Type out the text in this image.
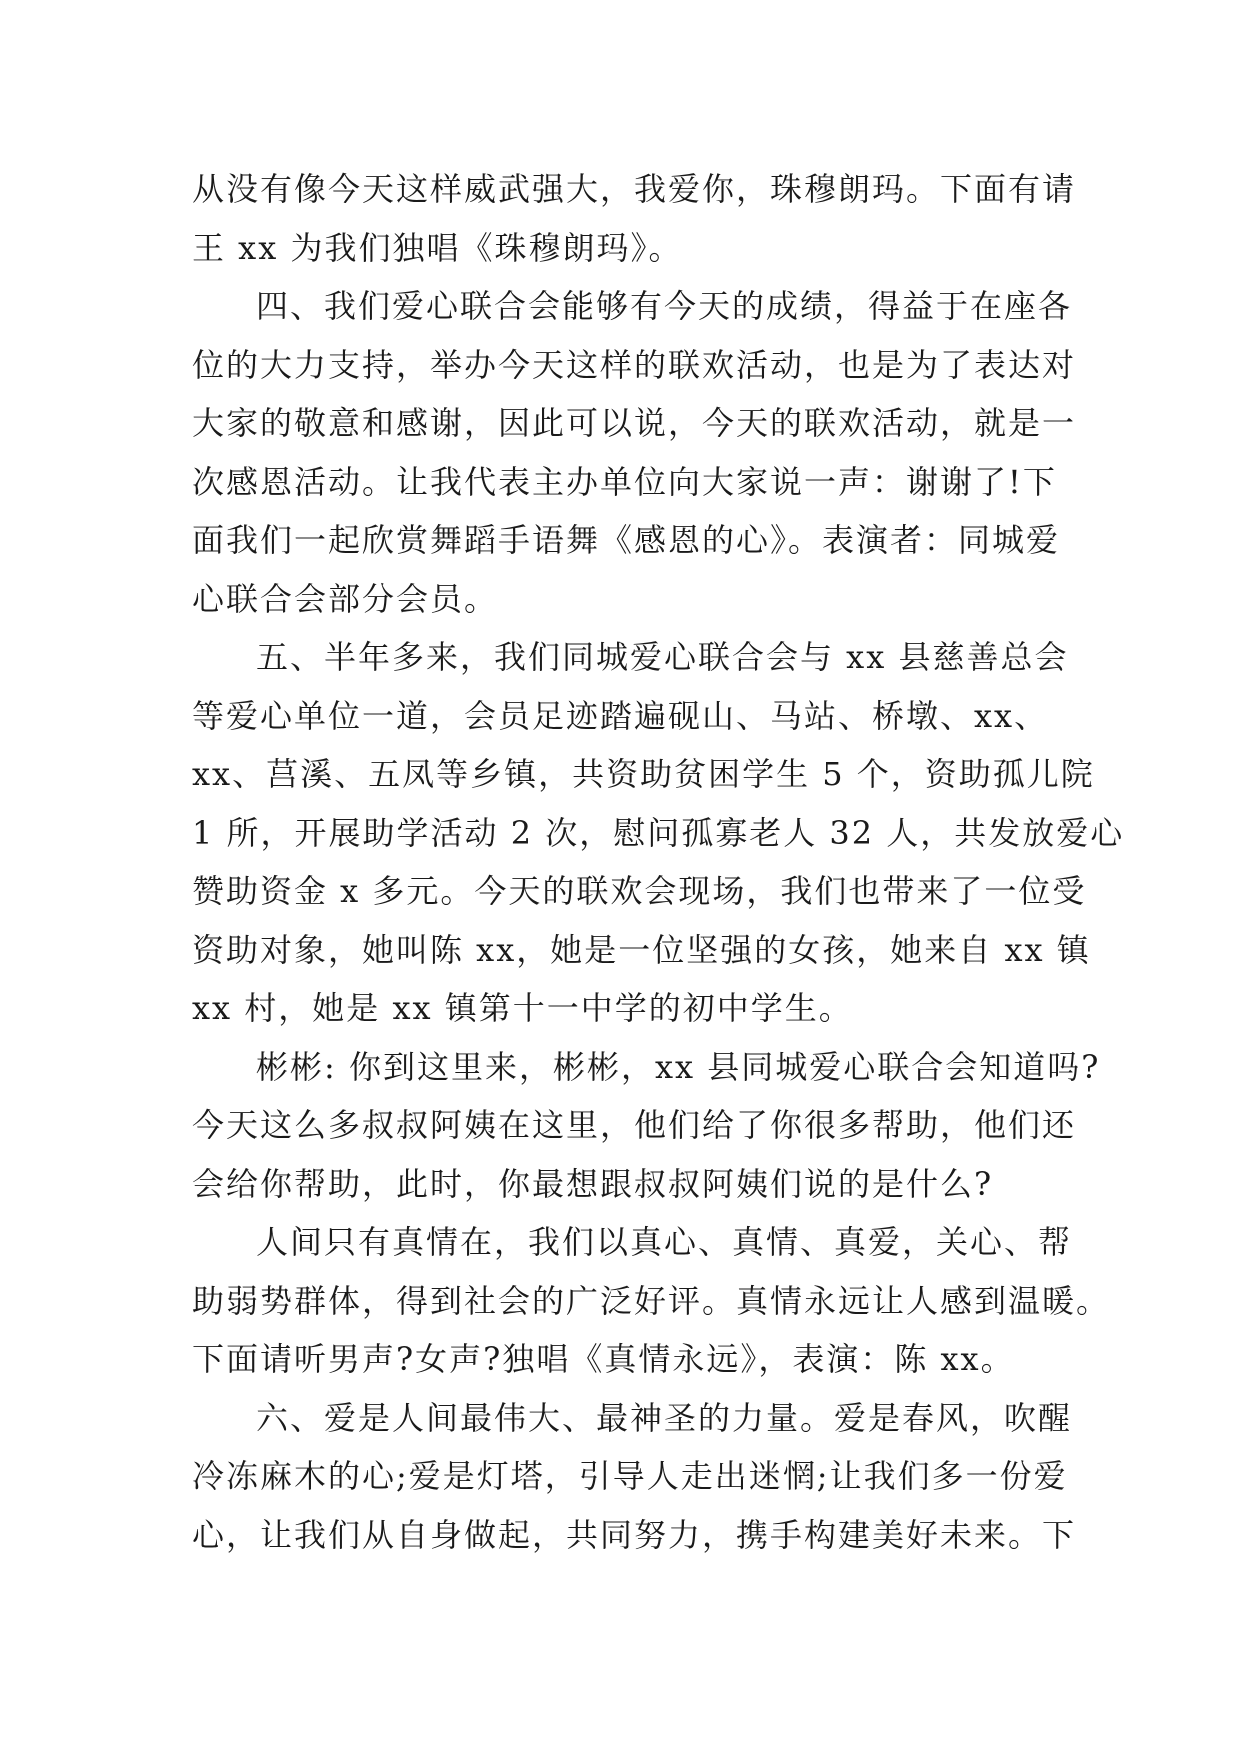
从没有像今天这样威武强大，我爱你，珠穆朗玛。下面有请
王 xx 为我们独唱《珠穆朗玛》。
四、我们爱心联合会能够有今天的成绩，得益于在座各
位的大力支持，举办今天这样的联欢活动，也是为了表达对
大家的敬意和感谢，因此可以说，今天的联欢活动，就是一
次感恩活动。让我代表主办单位向大家说一声：谢谢了!下
面我们一起欣赏舞蹈手语舞《感恩的心》。表演者：同城爱
心联合会部分会员。
五、半年多来，我们同城爱心联合会与 xx 县慈善总会
等爱心单位一道，会员足迹踏遍砚山、马站、桥墩、xx、
xx、莒溪、五凤等乡镇，共资助贫困学生 5 个，资助孤儿院
1 所，开展助学活动 2 次，慰问孤寡老人 32 人，共发放爱心
赞助资金 x 多元。今天的联欢会现场，我们也带来了一位受
资助对象，她叫陈 xx，她是一位坚强的女孩，她来自 xx 镇
xx 村，她是 xx 镇第十一中学的初中学生。
彬彬: 你到这里来，彬彬，xx 县同城爱心联合会知道吗?
今天这么多叔叔阿姨在这里，他们给了你很多帮助，他们还
会给你帮助，此时，你最想跟叔叔阿姨们说的是什么?
人间只有真情在，我们以真心、真情、真爱，关心、帮
助弱势群体，得到社会的广泛好评。真情永远让人感到温暖。
下面请听男声?女声?独唱《真情永远》，表演：陈 xx。
六、爱是人间最伟大、最神圣的力量。爱是春风，吹醒
冷冻麻木的心;爱是灯塔，引导人走出迷惘;让我们多一份爱
心，让我们从自身做起，共同努力，携手构建美好未来。下
